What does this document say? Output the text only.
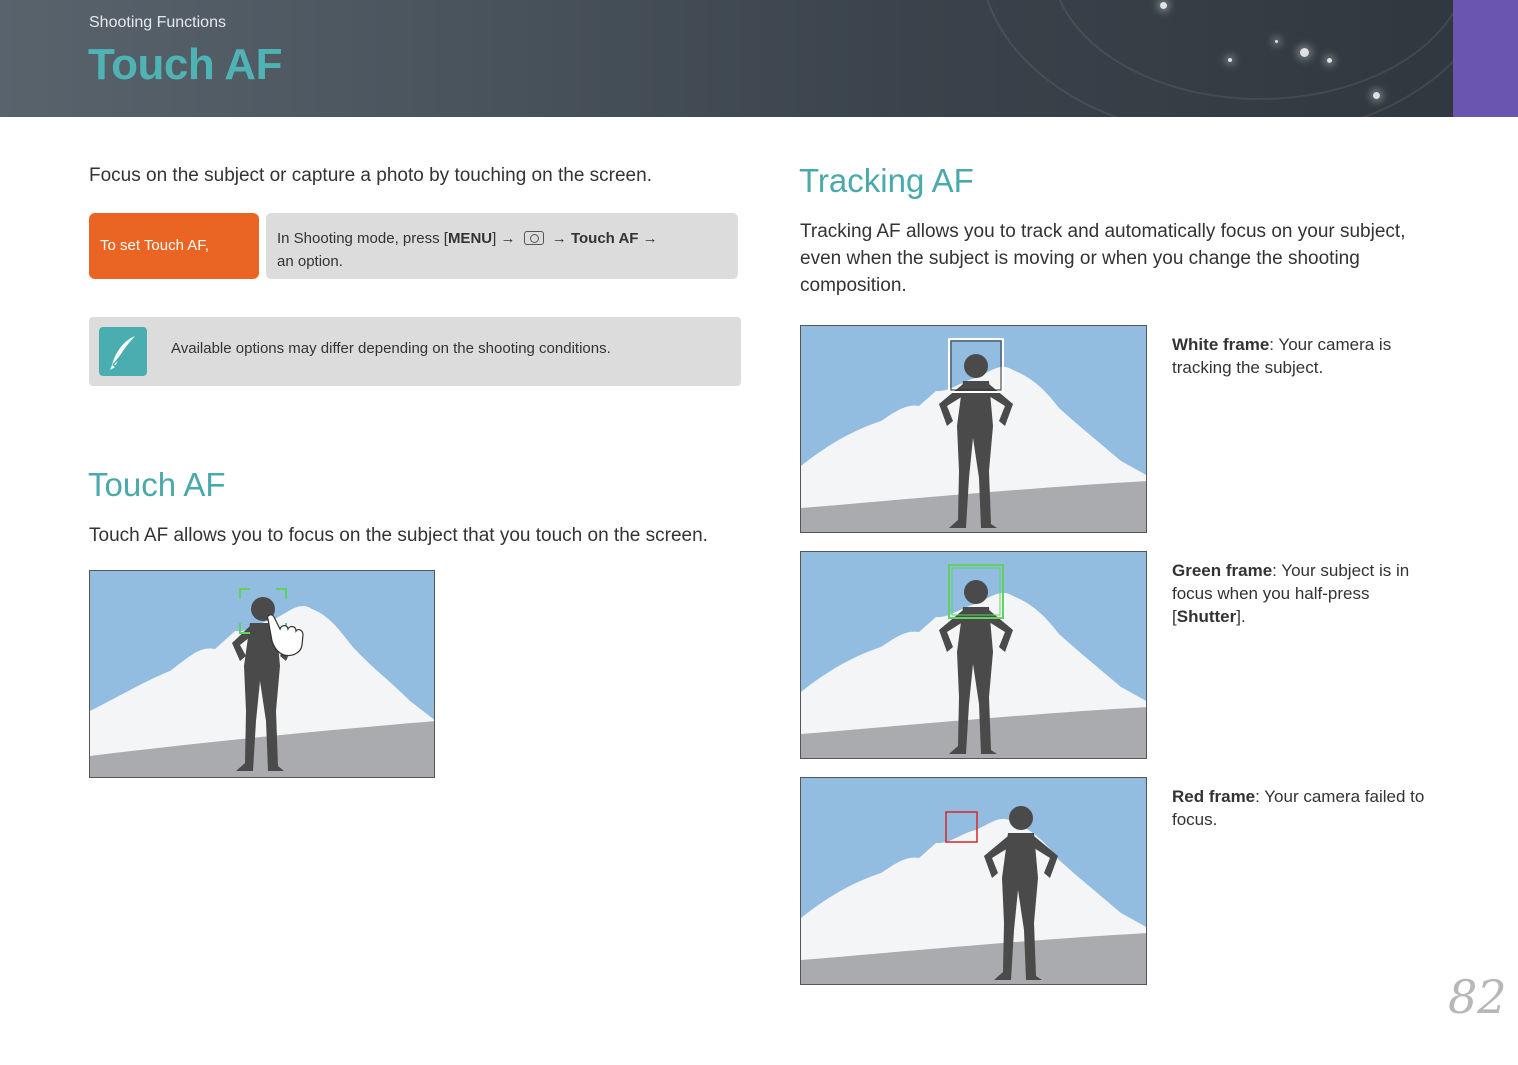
Shooting Functions
Touch AF
Focus on the subject or capture a photo by touching on the screen.
To set Touch AF,	In Shooting mode, press [MENU] → → Touch AF →
an option.
Available options may differ depending on the shooting conditions.
Touch AF
Touch AF allows you to focus on the subject that you touch on the screen.
Tracking AF
Tracking AF allows you to track and automatically focus on your subject, even when the subject is moving or when you change the shooting composition.
White frame: Your camera is tracking the subject.
Green frame: Your subject is in focus when you half-press [Shutter].
Red frame: Your camera failed to focus.
82
